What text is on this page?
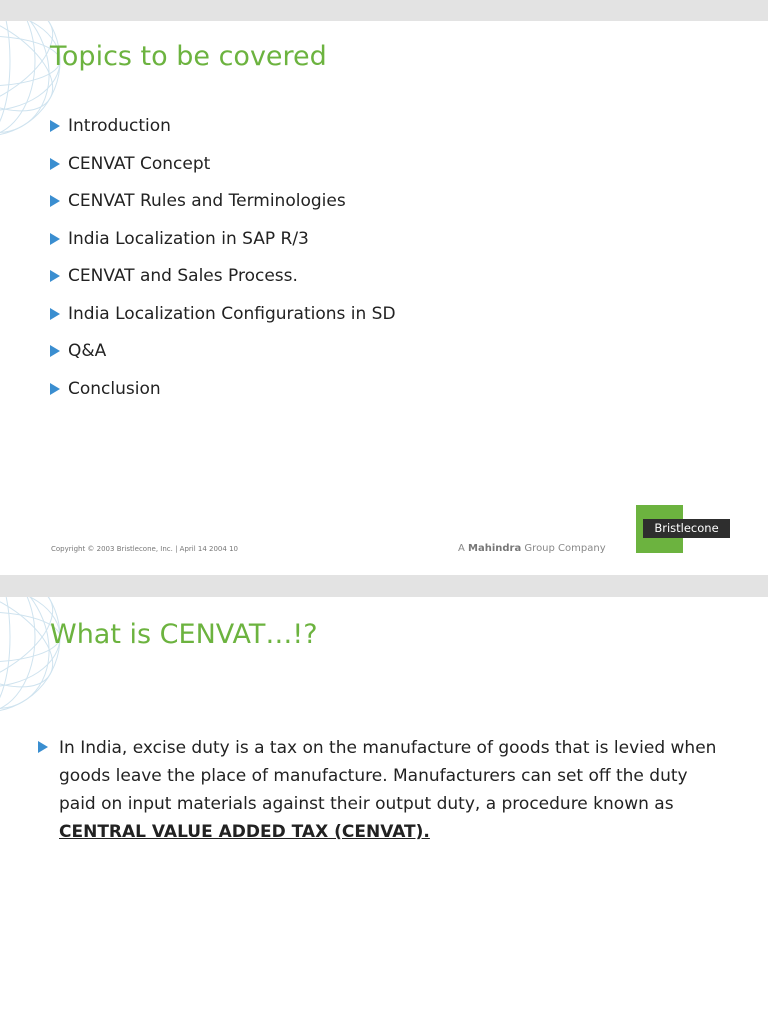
Topics to be covered
Introduction
CENVAT Concept
CENVAT Rules and Terminologies
India Localization in SAP R/3
CENVAT and Sales Process.
India Localization Configurations in SD
Q&A
Conclusion
Copyright © 2003 Bristlecone, Inc. | April 14 2004 10	A Mahindra Group Company
Bristlecone
What is CENVAT…!?

In India, excise duty is a tax on the manufacture of goods that is levied when goods leave the place of manufacture. Manufacturers can set off the duty paid on input materials against their output duty, a procedure known as CENTRAL VALUE ADDED TAX (CENVAT).
